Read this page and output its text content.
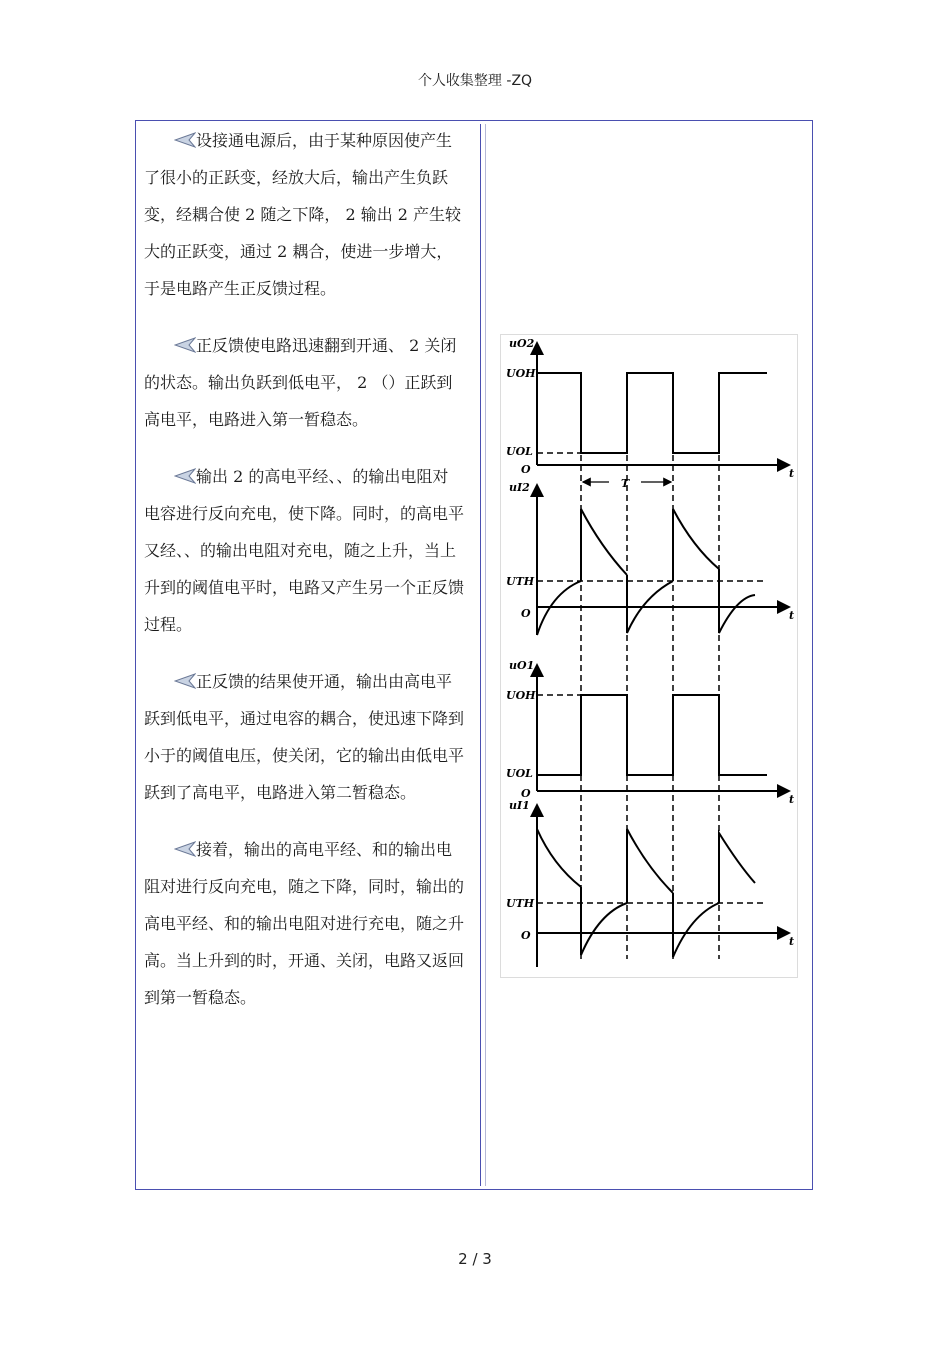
个人收集整理 -ZQ

设接通电源后，由于某种原因使产生了很小的正跃变，经放大后，输出产生负跃变，经耦合使 2 随之下降， 2 输出 2 产生较大的正跃变，通过 2 耦合，使进一步增大，于是电路产生正反馈过程。

正反馈使电路迅速翻到开通、 2 关闭的状态。输出负跃到低电平， 2 （）正跃到高电平，电路进入第一暂稳态。

输出 2 的高电平经、、的输出电阻对电容进行反向充电，使下降。同时，的高电平又经、、的输出电阻对充电，随之上升，当上升到的阈值电平时，电路又产生另一个正反馈过程。

正反馈的结果使开通，输出由高电平跃到低电平，通过电容的耦合，使迅速下降到小于的阈值电压，使关闭，它的输出由低电平跃到了高电平，电路进入第二暂稳态。

接着，输出的高电平经、和的输出电阻对进行反向充电，随之下降，同时，输出的高电平经、和的输出电阻对进行充电，随之升高。当上升到的时，开通、关闭，电路又返回到第一暂稳态。

uO2
UOH
UOL
O	t
T
uI2
UTH
O	t
uO1
UOH
UOL
O	t
uI1
UTH
O	t
2 / 3
